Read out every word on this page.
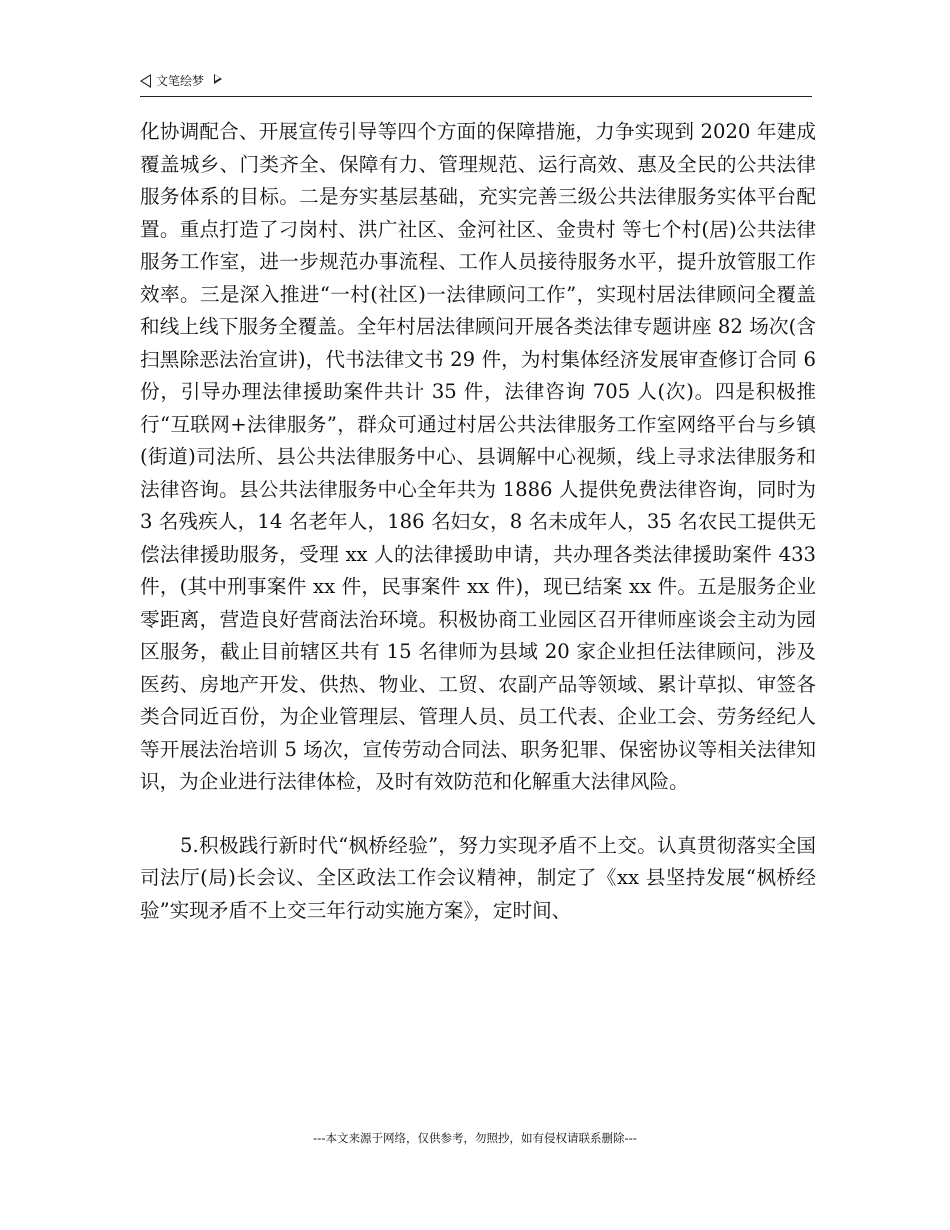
文笔绘梦

化协调配合、开展宣传引导等四个方面的保障措施，力争实现到 2020 年建成覆盖城乡、门类齐全、保障有力、管理规范、运行高效、惠及全民的公共法律服务体系的目标。二是夯实基层基础，充实完善三级公共法律服务实体平台配置。重点打造了刁岗村、洪广社区、金河社区、金贵村 等七个村(居)公共法律服务工作室，进一步规范办事流程、工作人员接待服务水平，提升放管服工作效率。三是深入推进“一村(社区)一法律顾问工作”，实现村居法律顾问全覆盖和线上线下服务全覆盖。全年村居法律顾问开展各类法律专题讲座 82 场次(含扫黑除恶法治宣讲)，代书法律文书 29 件，为村集体经济发展审查修订合同 6 份，引导办理法律援助案件共计 35 件，法律咨询 705 人(次)。四是积极推行“互联网+法律服务”，群众可通过村居公共法律服务工作室网络平台与乡镇(街道)司法所、县公共法律服务中心、县调解中心视频，线上寻求法律服务和法律咨询。县公共法律服务中心全年共为 1886 人提供免费法律咨询，同时为 3 名残疾人，14 名老年人，186 名妇女，8 名未成年人，35 名农民工提供无偿法律援助服务，受理 xx 人的法律援助申请，共办理各类法律援助案件 433 件，(其中刑事案件 xx 件，民事案件 xx 件)，现已结案 xx 件。五是服务企业零距离，营造良好营商法治环境。积极协商工业园区召开律师座谈会主动为园区服务，截止目前辖区共有 15 名律师为县域 20 家企业担任法律顾问，涉及医药、房地产开发、供热、物业、工贸、农副产品等领域、累计草拟、审签各类合同近百份，为企业管理层、管理人员、员工代表、企业工会、劳务经纪人等开展法治培训 5 场次，宣传劳动合同法、职务犯罪、保密协议等相关法律知识，为企业进行法律体检，及时有效防范和化解重大法律风险。

5.积极践行新时代“枫桥经验”，努力实现矛盾不上交。认真贯彻落实全国司法厅(局)长会议、全区政法工作会议精神，制定了《xx 县坚持发展“枫桥经验”实现矛盾不上交三年行动实施方案》，定时间、

---本文来源于网络，仅供参考，勿照抄，如有侵权请联系删除---
